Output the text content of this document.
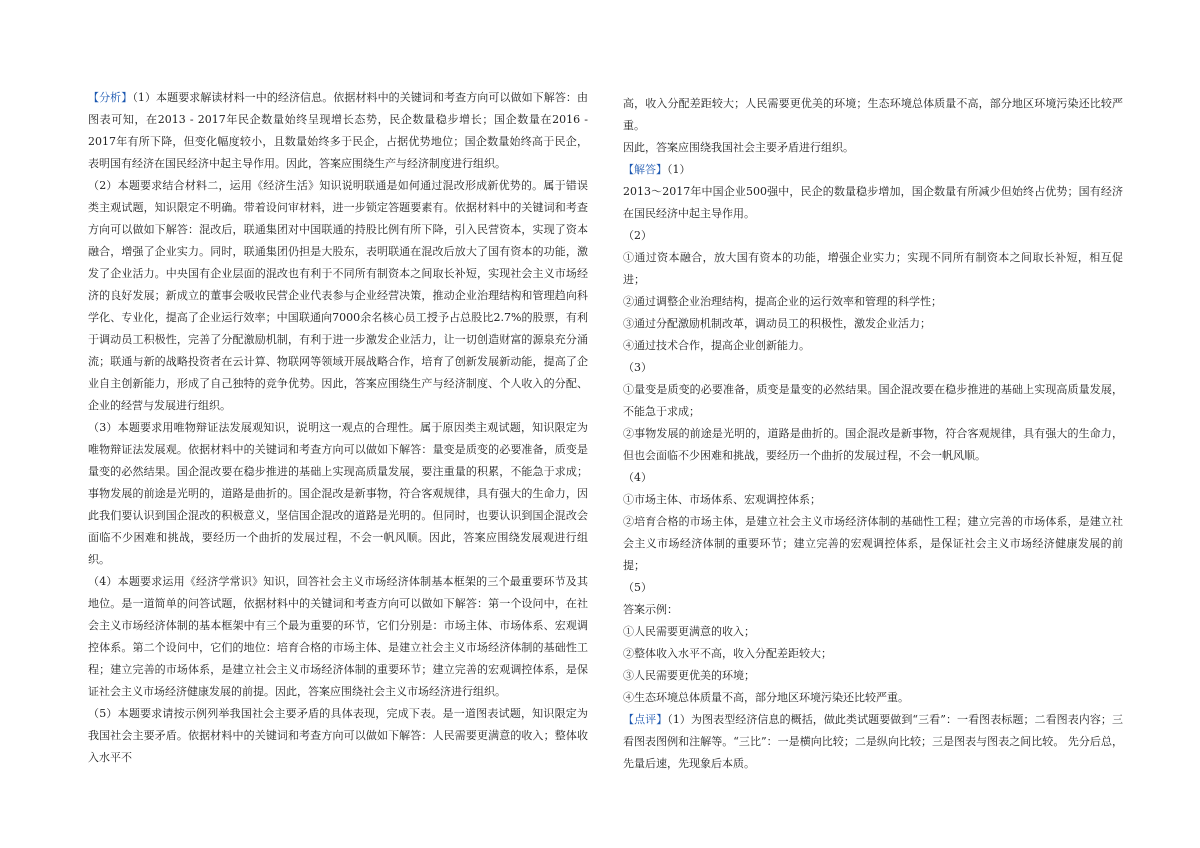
【分析】（1）本题要求解读材料一中的经济信息。依据材料中的关键词和考查方向可以做如下解答：由图表可知，在2013 - 2017年民企数量始终呈现增长态势，民企数量稳步增长；国企数量在2016 - 2017年有所下降，但变化幅度较小，且数量始终多于民企，占据优势地位；国企数量始终高于民企，表明国有经济在国民经济中起主导作用。因此，答案应围绕生产与经济制度进行组织。

（2）本题要求结合材料二，运用《经济生活》知识说明联通是如何通过混改形成新优势的。属于错误类主观试题，知识限定不明确。带着设问审材料，进一步锁定答题要素有。依据材料中的关键词和考查方向可以做如下解答：混改后，联通集团对中国联通的持股比例有所下降，引入民营资本，实现了资本融合，增强了企业实力。同时，联通集团仍担是大股东，表明联通在混改后放大了国有资本的功能，激发了企业活力。中央国有企业层面的混改也有利于不同所有制资本之间取长补短，实现社会主义市场经济的良好发展；新成立的董事会吸收民营企业代表参与企业经营决策，推动企业治理结构和管理趋向科学化、专业化，提高了企业运行效率；中国联通向7000余名核心员工授予占总股比2.7%的股票，有利于调动员工积极性，完善了分配激励机制，有利于进一步激发企业活力，让一切创造财富的源泉充分涌流；联通与新的战略投资者在云计算、物联网等领域开展战略合作，培育了创新发展新动能，提高了企业自主创新能力，形成了自己独特的竞争优势。因此，答案应围绕生产与经济制度、个人收入的分配、企业的经营与发展进行组织。

（3）本题要求用唯物辩证法发展观知识，说明这一观点的合理性。属于原因类主观试题，知识限定为唯物辩证法发展观。依据材料中的关键词和考查方向可以做如下解答：量变是质变的必要准备，质变是量变的必然结果。国企混改要在稳步推进的基础上实现高质量发展，要注重量的积累，不能急于求成；事物发展的前途是光明的，道路是曲折的。国企混改是新事物，符合客观规律，具有强大的生命力，因此我们要认识到国企混改的积极意义，坚信国企混改的道路是光明的。但同时，也要认识到国企混改会面临不少困难和挑战，要经历一个曲折的发展过程，不会一帆风顺。因此，答案应围绕发展观进行组织。

（4）本题要求运用《经济学常识》知识，回答社会主义市场经济体制基本框架的三个最重要环节及其地位。是一道简单的问答试题，依据材料中的关键词和考查方向可以做如下解答：第一个设问中，在社会主义市场经济体制的基本框架中有三个最为重要的环节，它们分别是：市场主体、市场体系、宏观调控体系。第二个设问中，它们的地位：培育合格的市场主体、是建立社会主义市场经济体制的基础性工程；建立完善的市场体系，是建立社会主义市场经济体制的重要环节；建立完善的宏观调控体系，是保证社会主义市场经济健康发展的前提。因此，答案应围绕社会主义市场经济进行组织。

（5）本题要求请按示例列举我国社会主要矛盾的具体表现，完成下表。是一道图表试题，知识限定为我国社会主要矛盾。依据材料中的关键词和考查方向可以做如下解答：人民需要更满意的收入；整体收入水平不

高，收入分配差距较大；人民需要更优美的环境；生态环境总体质量不高，部分地区环境污染还比较严重。

因此，答案应围绕我国社会主要矛盾进行组织。

【解答】（1）

2013～2017年中国企业500强中，民企的数量稳步增加，国企数量有所减少但始终占优势；国有经济在国民经济中起主导作用。

（2）

①通过资本融合，放大国有资本的功能，增强企业实力；实现不同所有制资本之间取长补短，相互促进；

②通过调整企业治理结构，提高企业的运行效率和管理的科学性；

③通过分配激励机制改革，调动员工的积极性，激发企业活力；

④通过技术合作，提高企业创新能力。

（3）

①量变是质变的必要准备，质变是量变的必然结果。国企混改要在稳步推进的基础上实现高质量发展，不能急于求成；

②事物发展的前途是光明的，道路是曲折的。国企混改是新事物，符合客观规律，具有强大的生命力，但也会面临不少困难和挑战，要经历一个曲折的发展过程，不会一帆风顺。

（4）

①市场主体、市场体系、宏观调控体系；

②培育合格的市场主体，是建立社会主义市场经济体制的基础性工程；建立完善的市场体系，是建立社会主义市场经济体制的重要环节；建立完善的宏观调控体系，是保证社会主义市场经济健康发展的前提；

（5）

答案示例：

①人民需要更满意的收入；

②整体收入水平不高，收入分配差距较大；

③人民需要更优美的环境；

④生态环境总体质量不高，部分地区环境污染还比较严重。

【点评】（1）为图表型经济信息的概括，做此类试题要做到“三看”：一看图表标题；二看图表内容；三看图表图例和注解等。“三比”：一是横向比较；二是纵向比较；三是图表与图表之间比较。 先分后总，先量后速，先现象后本质。
